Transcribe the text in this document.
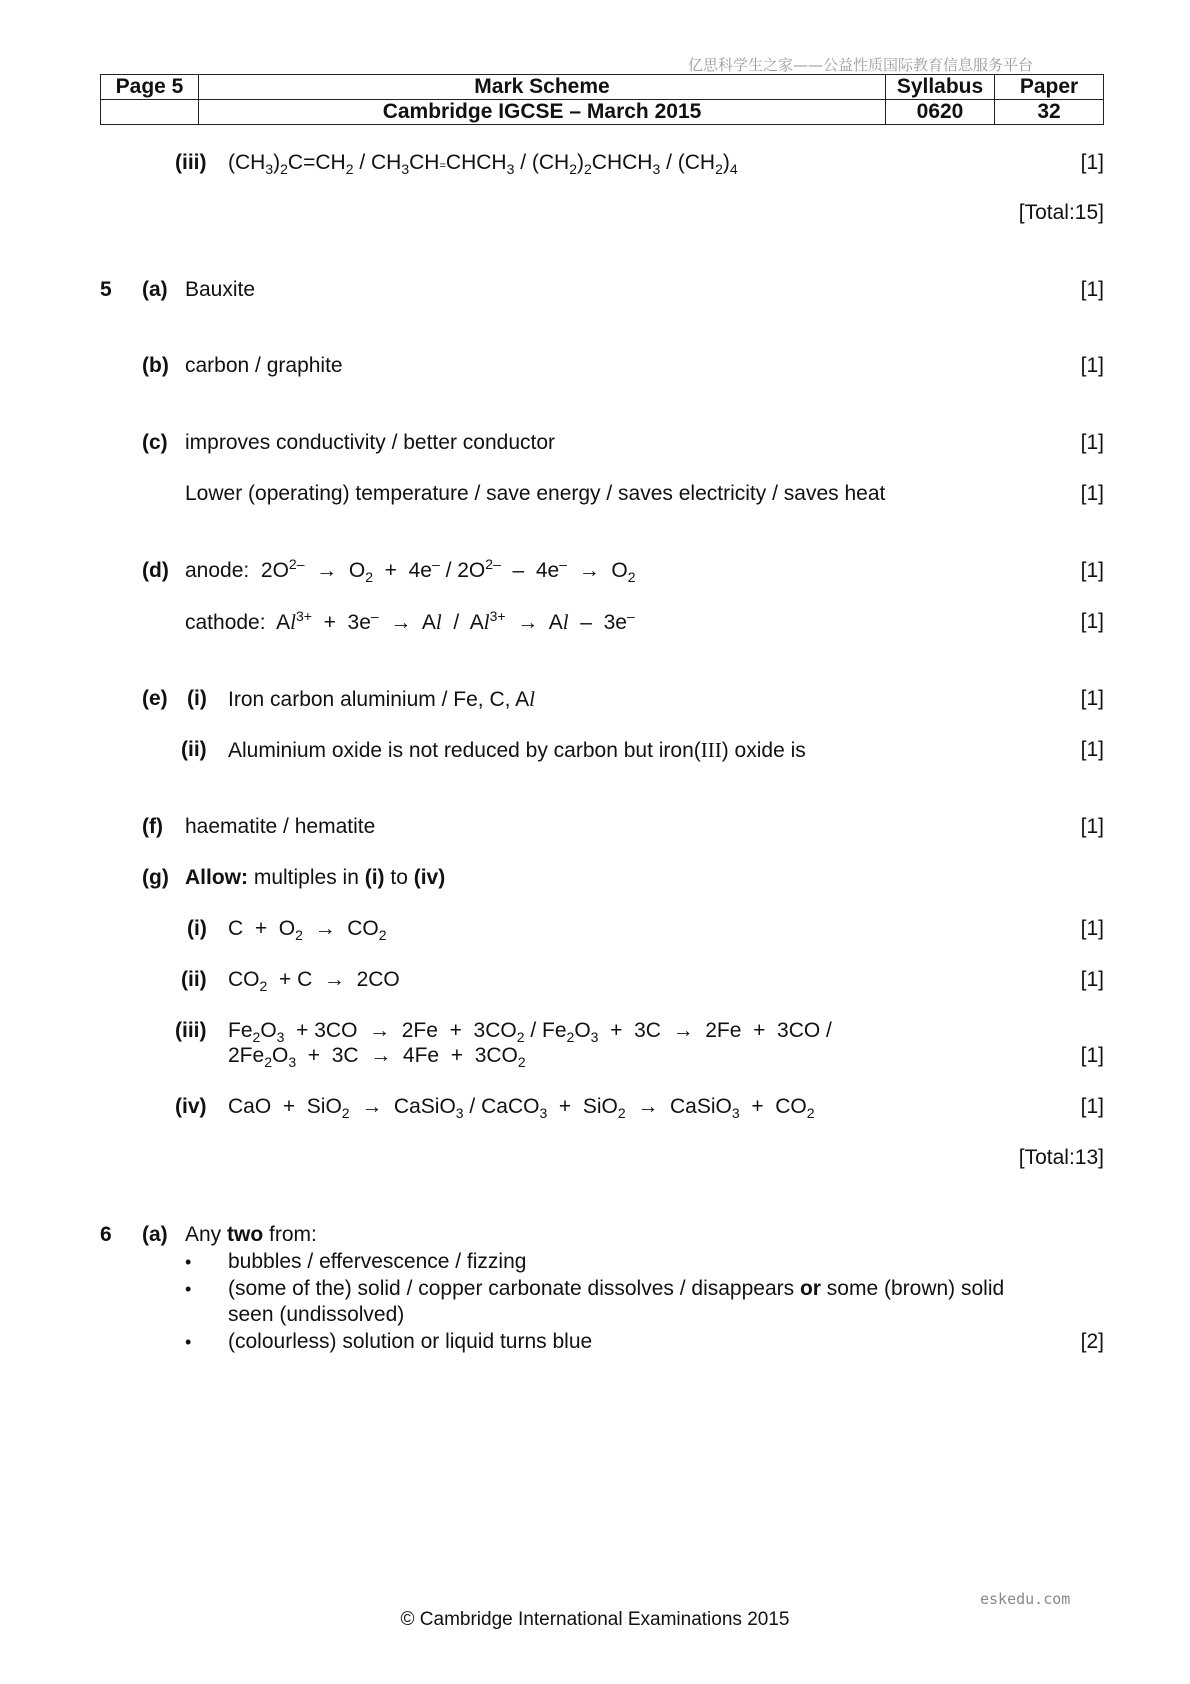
亿思科学生之家——公益性质国际教育信息服务平台
Page 5	Mark Scheme	Syllabus	Paper
	Cambridge IGCSE – March 2015	0620	32
(iii) $(CH_3)_2C=CH_2$ / $CH_3CH=CHCH_3$ / $(CH_2)_2CHCH_3 / (CH_2)_4$	[1]
[Total:15]
5 (a) Bauxite	[1]
(b) carbon / graphite	[1]
(c) improves conductivity / better conductor	[1]
Lower (operating) temperature / save energy / saves electricity / saves heat	[1]
(d) anode:  $2O^{2-} \to O_2 + 4e^- / 2O^{2-} - 4e^- \to O_2$	[1]
cathode:  $Al^{3+} + 3e^- \to Al / Al^{3+} \to Al - 3e^-$	[1]
(e) (i) Iron carbon aluminium / Fe, C, Al	[1]
(ii) Aluminium oxide is not reduced by carbon but iron(III) oxide is	[1]
(f) haematite / hematite	[1]
(g) Allow: multiples in (i) to (iv)
(i) $C + O_2 \to CO_2$	[1]
(ii) $CO_2 + C \to 2CO$	[1]
(iii) $Fe_2O_3 + 3CO \to 2Fe + 3CO_2 / Fe_2O_3 + 3C \to 2Fe + 3CO$ /
$2Fe_2O_3 + 3C \to 4Fe + 3CO_2$	[1]
(iv) CaO  +  SiO$_2$  →  CaSiO$_3$ / CaCO$_3$  +  SiO$_2$  →  CaSiO$_3$  +  $CO_2$	[1]
[Total:13]
6 (a) Any two from:
• bubbles / effervescence / fizzing
• (some of the) solid / copper carbonate dissolves / disappears or some (brown) solid
seen (undissolved)
• (colourless) solution or liquid turns blue	[2]
eskedu.com
© Cambridge International Examinations 2015
